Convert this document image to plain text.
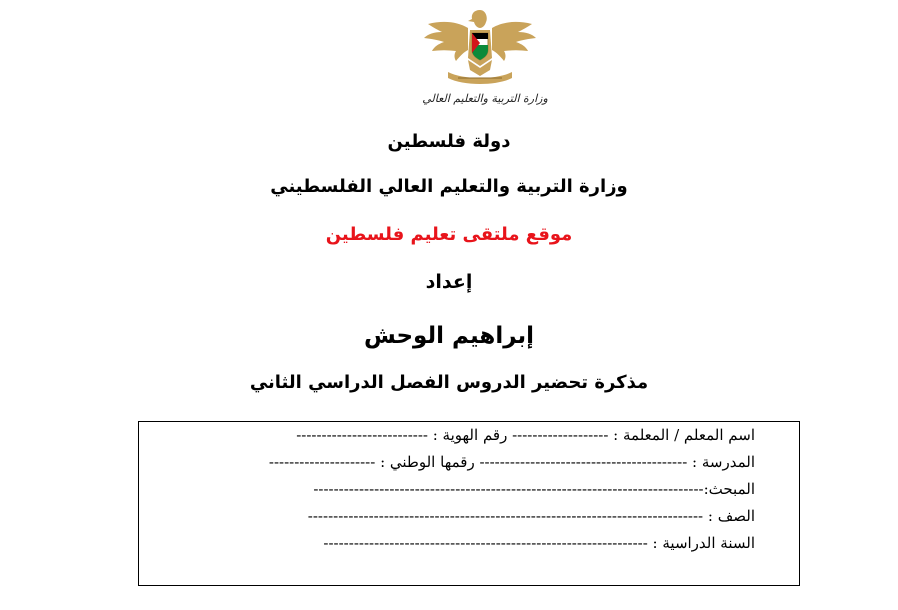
وزارة التربية والتعليم العالي
دولة فلسطين
وزارة التربية والتعليم العالي الفلسطيني
موقع ملتقى تعليم فلسطين
إعداد
إبراهيم الوحش
مذكرة تحضير الدروس الفصل الدراسي الثاني
اسم المعلم / المعلمة : ------------------- رقم الهوية : --------------------------
المدرسة : ----------------------------------------- رقمها الوطني : ---------------------
المبحث:-----------------------------------------------------------------------------
الصف : ------------------------------------------------------------------------------
السنة الدراسية : ----------------------------------------------------------------
